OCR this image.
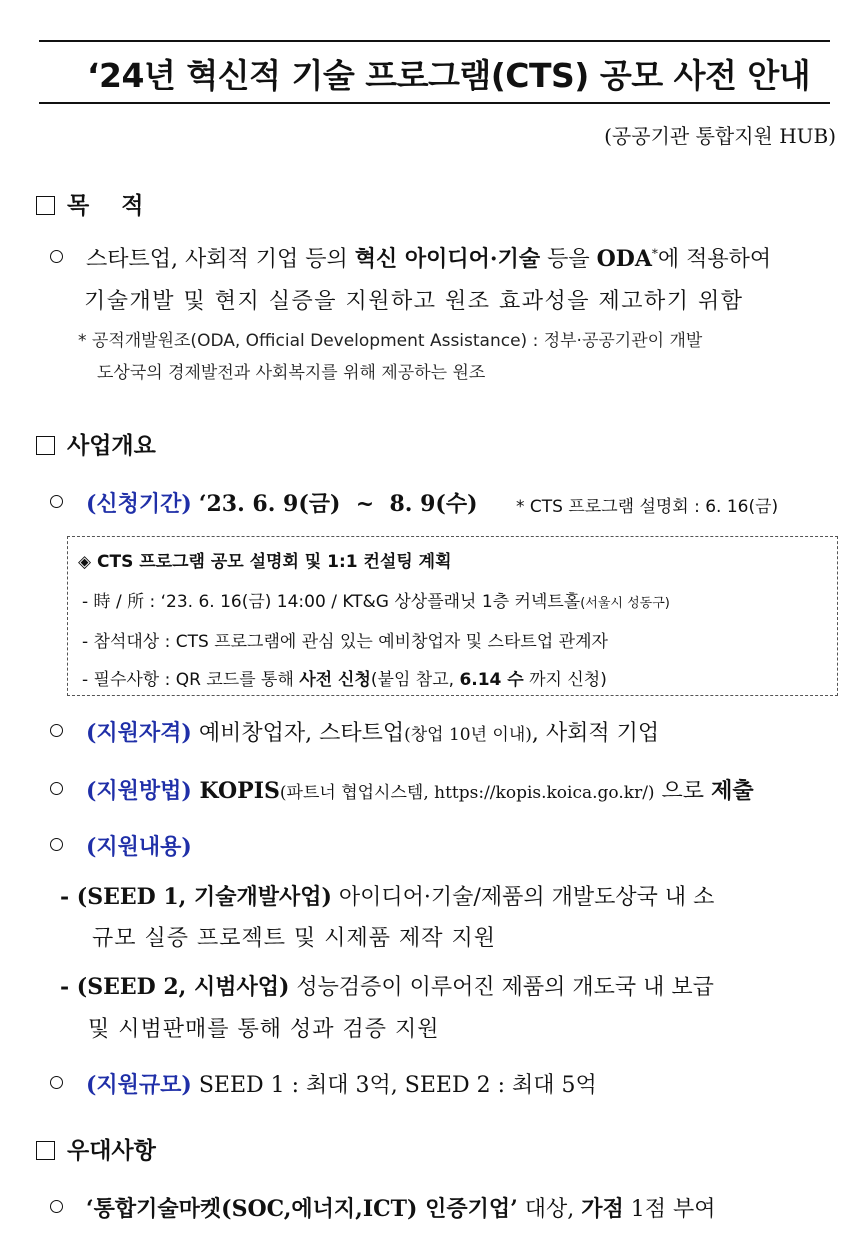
‘24년 혁신적 기술 프로그램(CTS) 공모 사전 안내
(공공기관 통합지원 HUB)
목    적
스타트업, 사회적 기업 등의 혁신 아이디어·기술 등을 ODA*에 적용하여
기술개발 및 현지 실증을 지원하고 원조 효과성을 제고하기 위함
* 공적개발원조(ODA, Official Development Assistance) : 정부·공공기관이 개발
도상국의 경제발전과 사회복지를 위해 제공하는 원조
사업개요
(신청기간) ‘23. 6. 9(금)  ~  8. 9(수) * CTS 프로그램 설명회 : 6. 16(금)
◈ CTS 프로그램 공모 설명회 및 1:1 컨설팅 계획
- 時 / 所 : ‘23. 6. 16(금) 14:00 / KT&G 상상플래닛 1층 커넥트홀(서울시 성동구)
- 참석대상 : CTS 프로그램에 관심 있는 예비창업자 및 스타트업 관계자
- 필수사항 : QR 코드를 통해 사전 신청(붙임 참고, 6.14 수 까지 신청)
(지원자격) 예비창업자, 스타트업(창업 10년 이내), 사회적 기업
(지원방법) KOPIS(파트너 협업시스템, https://kopis.koica.go.kr/) 으로 제출
(지원내용)
- (SEED 1, 기술개발사업) 아이디어·기술/제품의 개발도상국 내 소
규모 실증 프로젝트 및 시제품 제작 지원
- (SEED 2, 시범사업) 성능검증이 이루어진 제품의 개도국 내 보급
및 시범판매를 통해 성과 검증 지원
(지원규모) SEED 1 : 최대 3억, SEED 2 : 최대 5억
우대사항
‘통합기술마켓(SOC,에너지,ICT) 인증기업’ 대상, 가점 1점 부여
